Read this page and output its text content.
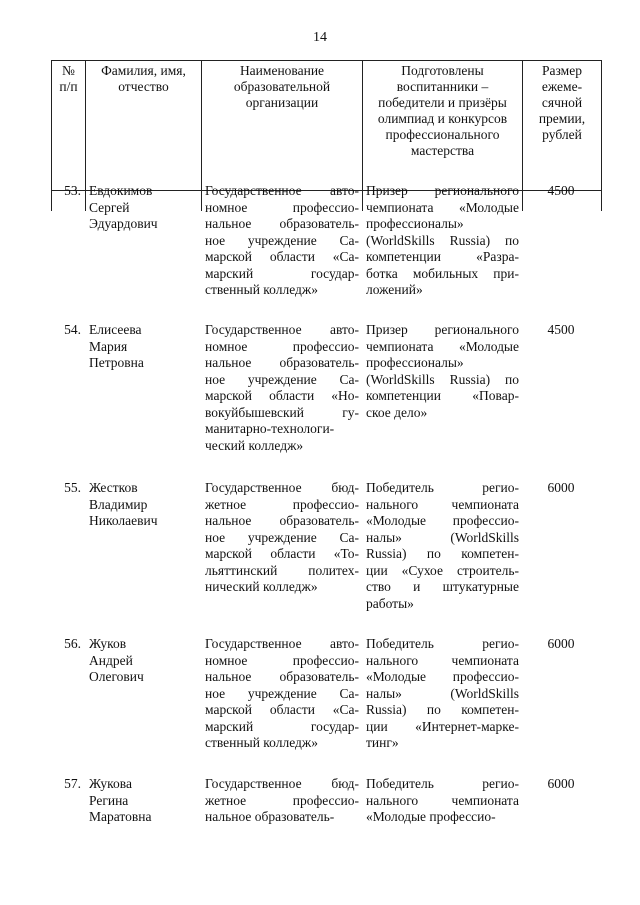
14
№
п/п
Фамилия, имя,
отчество
Наименование
образовательной
организации
Подготовлены
воспитанники –
победители и призёры
олимпиад и конкурсов
профессионального
мастерства
Размер
ежеме-
сячной
премии,
рублей
53. Евдокимов
Сергей
Эдуардович
Государственное авто-
номное профессио-
нальное образователь-
ное учреждение Са-
марской области «Са-
марский государ-
ственный колледж»
Призер регионального
чемпионата «Молодые
профессионалы»
(WorldSkills Russia) по
компетенции «Разра-
ботка мобильных при-
ложений»
4500
54. Елисеева
Мария
Петровна
Государственное авто-
номное профессио-
нальное образователь-
ное учреждение Са-
марской области «Но-
вокуйбышевский гу-
манитарно-технологи-
ческий колледж»
Призер регионального
чемпионата «Молодые
профессионалы»
(WorldSkills Russia) по
компетенции «Повар-
ское дело»
4500
55. Жестков
Владимир
Николаевич
Государственное бюд-
жетное профессио-
нальное образователь-
ное учреждение Са-
марской области «То-
льяттинский политех-
нический колледж»
Победитель регио-
нального чемпионата
«Молодые профессио-
налы» (WorldSkills
Russia) по компетен-
ции «Сухое строитель-
ство и штукатурные
работы»
6000
56. Жуков
Андрей
Олегович
Государственное авто-
номное профессио-
нальное образователь-
ное учреждение Са-
марской области «Са-
марский государ-
ственный колледж»
Победитель регио-
нального чемпионата
«Молодые профессио-
налы» (WorldSkills
Russia) по компетен-
ции «Интернет-марке-
тинг»
6000
57. Жукова
Регина
Маратовна
Государственное бюд-
жетное профессио-
нальное образователь-
Победитель регио-
нального чемпионата
«Молодые профессио-
6000
